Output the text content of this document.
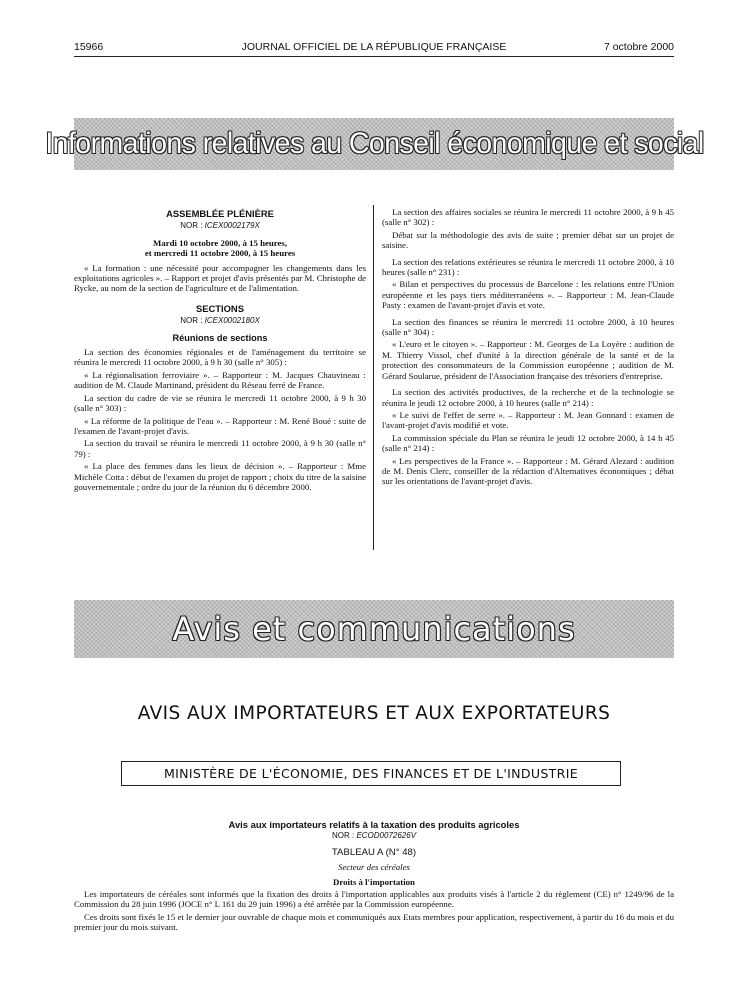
15966	JOURNAL OFFICIEL DE LA RÉPUBLIQUE FRANÇAISE	7 octobre 2000
Informations relatives au Conseil économique et social

ASSEMBLÉE PLÉNIÈRE

NOR : ICEX0002179X

Mardi 10 octobre 2000, à 15 heures,

et mercredi 11 octobre 2000, à 15 heures

« La formation : une nécessité pour accompagner les changements dans les exploitations agricoles ». – Rapport et projet d'avis présentés par M. Christophe de Rycke, au nom de la section de l'agriculture et de l'alimentation.

SECTIONS

NOR : ICEX0002180X

Réunions de sections

La section des économies régionales et de l'aménagement du territoire se réunira le mercredi 11 octobre 2000, à 9 h 30 (salle n° 305) :

« La régionalisation ferroviaire ». – Rapporteur : M. Jacques Chauvineau : audition de M. Claude Martinand, président du Réseau ferré de France.

La section du cadre de vie se réunira le mercredi 11 octobre 2000, à 9 h 30 (salle n° 303) :

« La réforme de la politique de l'eau ». – Rapporteur : M. René Boué : suite de l'examen de l'avant-projet d'avis.

La section du travail se réunira le mercredi 11 octobre 2000, à 9 h 30 (salle n° 79) :

« La place des femmes dans les lieux de décision ». – Rapporteur : Mme Michèle Cotta : début de l'examen du projet de rapport ; choix du titre de la saisine gouvernementale ; ordre du jour de la réunion du 6 décembre 2000.

La section des affaires sociales se réunira le mercredi 11 octobre 2000, à 9 h 45 (salle n° 302) :

Débat sur la méthodologie des avis de suite ; premier débat sur un projet de saisine.

La section des relations extérieures se réunira le mercredi 11 octobre 2000, à 10 heures (salle n° 231) :

« Bilan et perspectives du processus de Barcelone : les relations entre l'Union européenne et les pays tiers méditerranéens ». – Rapporteur : M. Jean-Claude Pasty : examen de l'avant-projet d'avis et vote.

La section des finances se réunira le mercredi 11 octobre 2000, à 10 heures (salle n° 304) :

« L'euro et le citoyen ». – Rapporteur : M. Georges de La Loyère : audition de M. Thierry Vissol, chef d'unité à la direction générale de la santé et de la protection des consommateurs de la Commission européenne ; audition de M. Gérard Soularue, président de l'Association française des trésoriers d'entreprise.

La section des activités productives, de la recherche et de la technologie se réunira le jeudi 12 octobre 2000, à 10 heures (salle n° 214) :

« Le suivi de l'effet de serre ». – Rapporteur : M. Jean Gonnard : examen de l'avant-projet d'avis modifié et vote.

La commission spéciale du Plan se réunira le jeudi 12 octobre 2000, à 14 h 45 (salle n° 214) :

« Les perspectives de la France ». – Rapporteur : M. Gérard Alezard : audition de M. Denis Clerc, conseiller de la rédaction d'Alternatives économiques ; débat sur les orientations de l'avant-projet d'avis.

Avis et communications
AVIS AUX IMPORTATEURS ET AUX EXPORTATEURS
MINISTÈRE DE L'ÉCONOMIE, DES FINANCES ET DE L'INDUSTRIE
Avis aux importateurs relatifs à la taxation des produits agricoles
NOR : ECOD0072626V
TABLEAU A (N° 48)
Secteur des céréales
Droits à l'importation

Les importateurs de céréales sont informés que la fixation des droits à l'importation applicables aux produits visés à l'article 2 du règlement (CE) n° 1249/96 de la Commission du 28 juin 1996 (JOCE n° L 161 du 29 juin 1996) a été arrêtée par la Commission européenne.

Ces droits sont fixés le 15 et le dernier jour ouvrable de chaque mois et communiqués aux Etats membres pour application, respectivement, à partir du 16 du mois et du premier jour du mois suivant.
